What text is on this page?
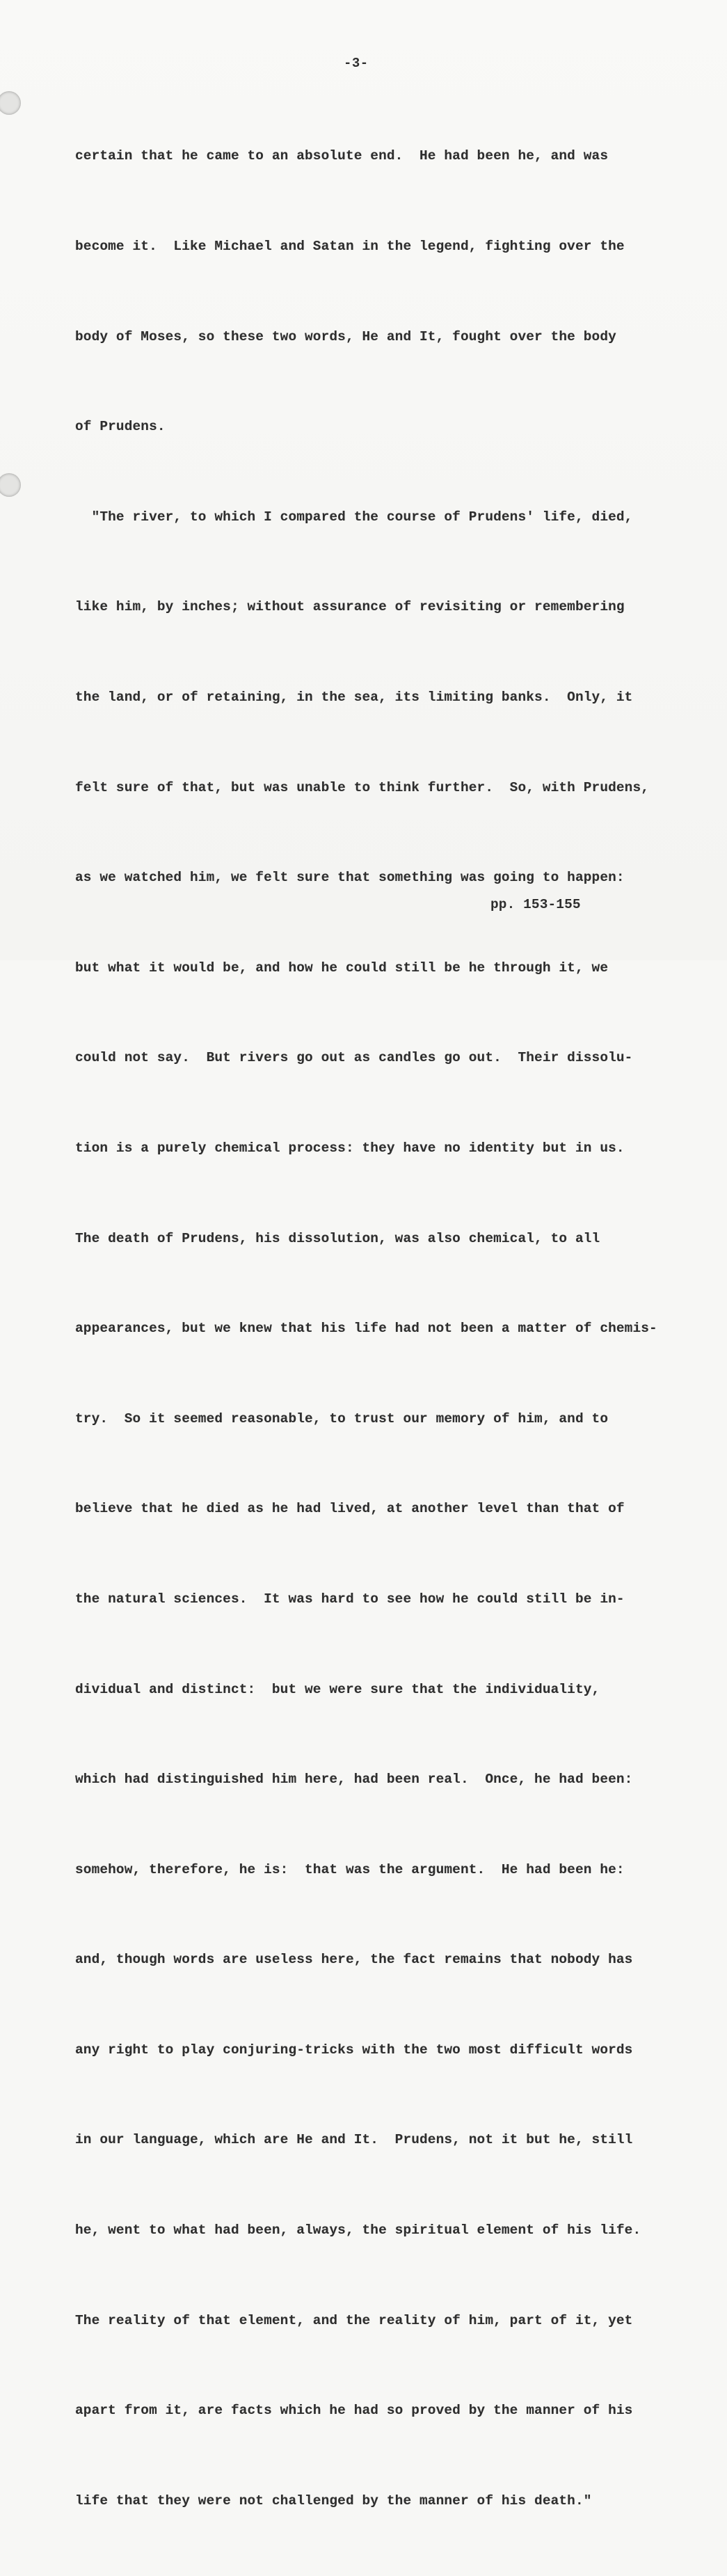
-3-

certain that he came to an absolute end.  He had been he, and was

become it.  Like Michael and Satan in the legend, fighting over the

body of Moses, so these two words, He and It, fought over the body

of Prudens.

"The river, to which I compared the course of Prudens' life, died,

like him, by inches; without assurance of revisiting or remembering

the land, or of retaining, in the sea, its limiting banks.  Only, it

felt sure of that, but was unable to think further.  So, with Prudens,

as we watched him, we felt sure that something was going to happen:

but what it would be, and how he could still be he through it, we

could not say.  But rivers go out as candles go out.  Their dissolu-

tion is a purely chemical process: they have no identity but in us.

The death of Prudens, his dissolution, was also chemical, to all

appearances, but we knew that his life had not been a matter of chemis-

try.  So it seemed reasonable, to trust our memory of him, and to

believe that he died as he had lived, at another level than that of

the natural sciences.  It was hard to see how he could still be in-

dividual and distinct:  but we were sure that the individuality,

which had distinguished him here, had been real.  Once, he had been:

somehow, therefore, he is:  that was the argument.  He had been he:

and, though words are useless here, the fact remains that nobody has

any right to play conjuring-tricks with the two most difficult words

in our language, which are He and It.  Prudens, not it but he, still

he, went to what had been, always, the spiritual element of his life.

The reality of that element, and the reality of him, part of it, yet

apart from it, are facts which he had so proved by the manner of his

life that they were not challenged by the manner of his death."

pp. 153-155
